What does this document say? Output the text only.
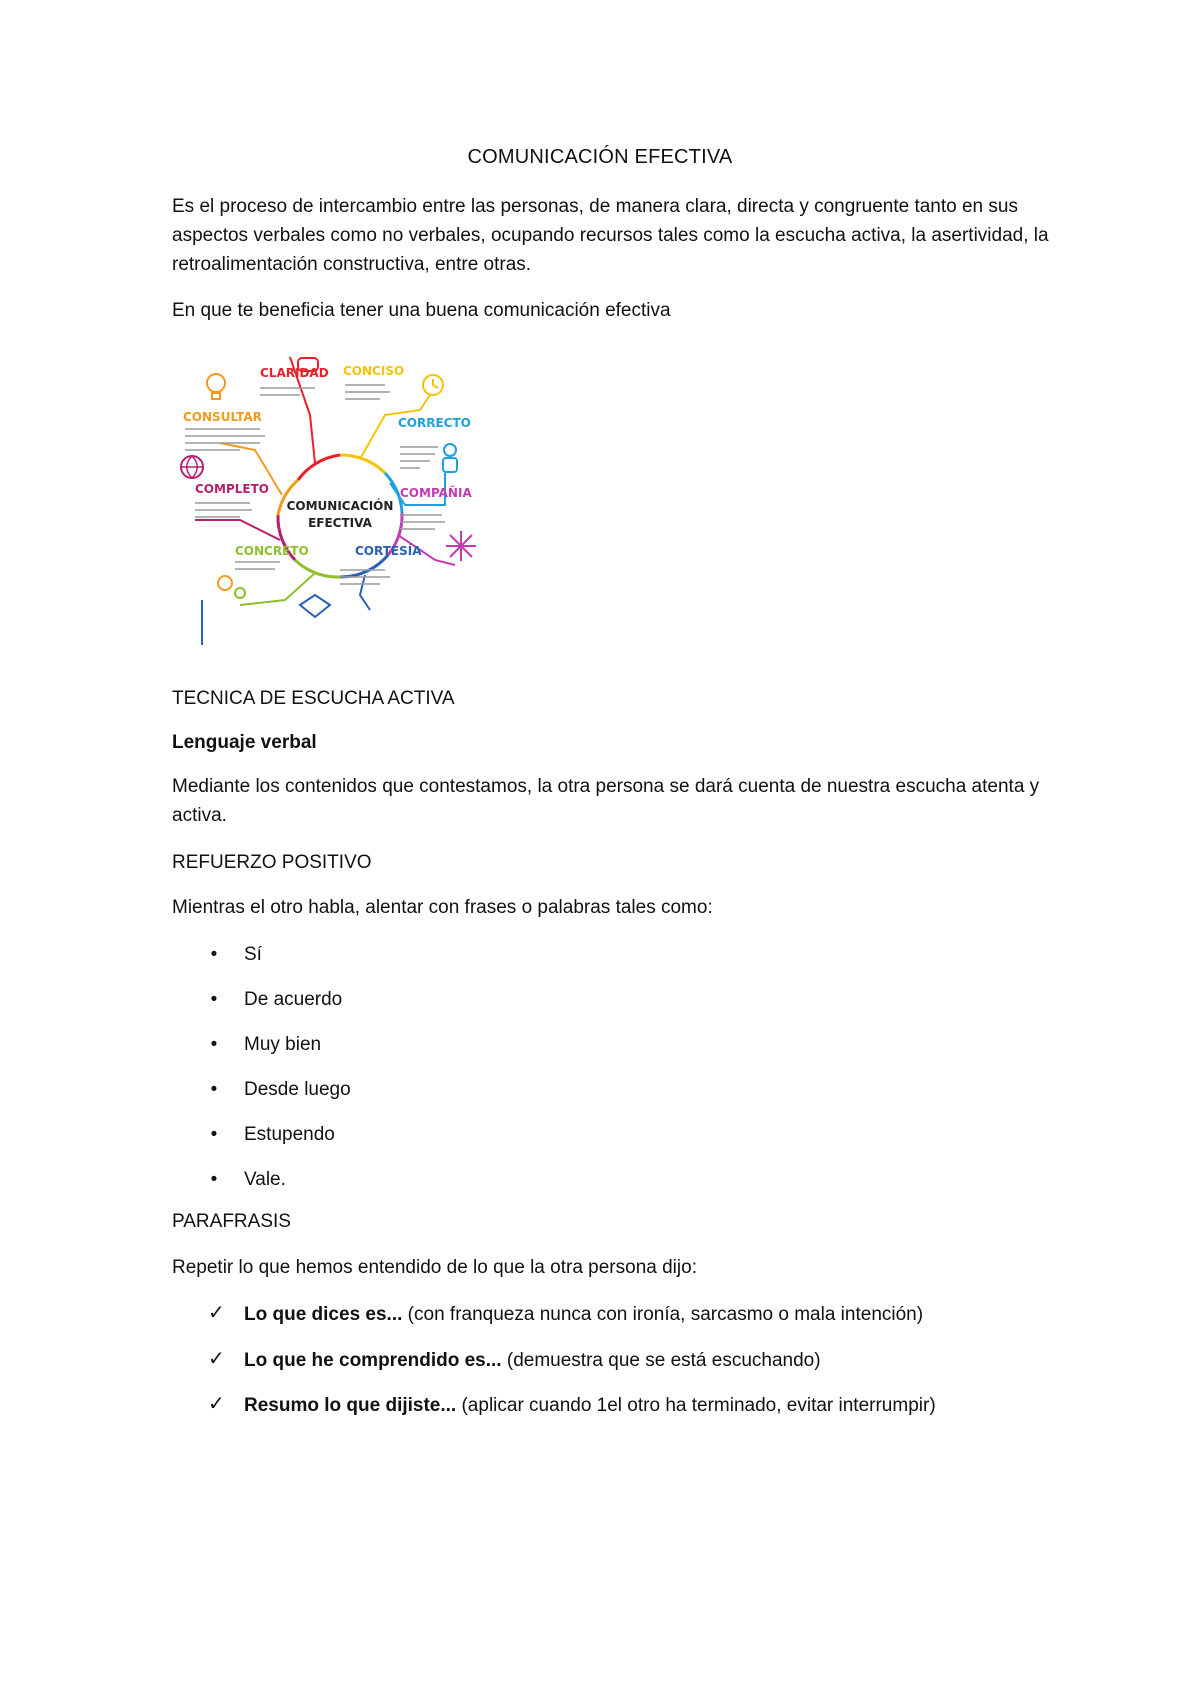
COMUNICACIÓN EFECTIVA

Es el proceso de intercambio entre las personas, de manera clara, directa y congruente tanto en sus aspectos verbales como no verbales, ocupando recursos tales como la escucha activa, la asertividad, la retroalimentación constructiva, entre otras.

En que te beneficia tener una buena comunicación efectiva

COMUNICACIÓN
EFECTIVA
CLARIDAD CONCISO
CORRECTO
COMPAÑIA
CORTESÍA
CONCRETO
COMPLETO
CONSULTAR

TECNICA DE ESCUCHA ACTIVA

Lenguaje verbal

Mediante los contenidos que contestamos, la otra persona se dará cuenta de nuestra escucha atenta y activa.

REFUERZO POSITIVO

Mientras el otro habla, alentar con frases o palabras tales como:

• Sí
• De acuerdo
• Muy bien
• Desde luego
• Estupendo
• Vale.

PARAFRASIS

Repetir lo que hemos entendido de lo que la otra persona dijo:

✓ Lo que dices es... (con franqueza nunca con ironía, sarcasmo o mala intención)
✓ Lo que he comprendido es... (demuestra que se está escuchando)
✓ Resumo lo que dijiste... (aplicar cuando 1el otro ha terminado, evitar interrumpir)
